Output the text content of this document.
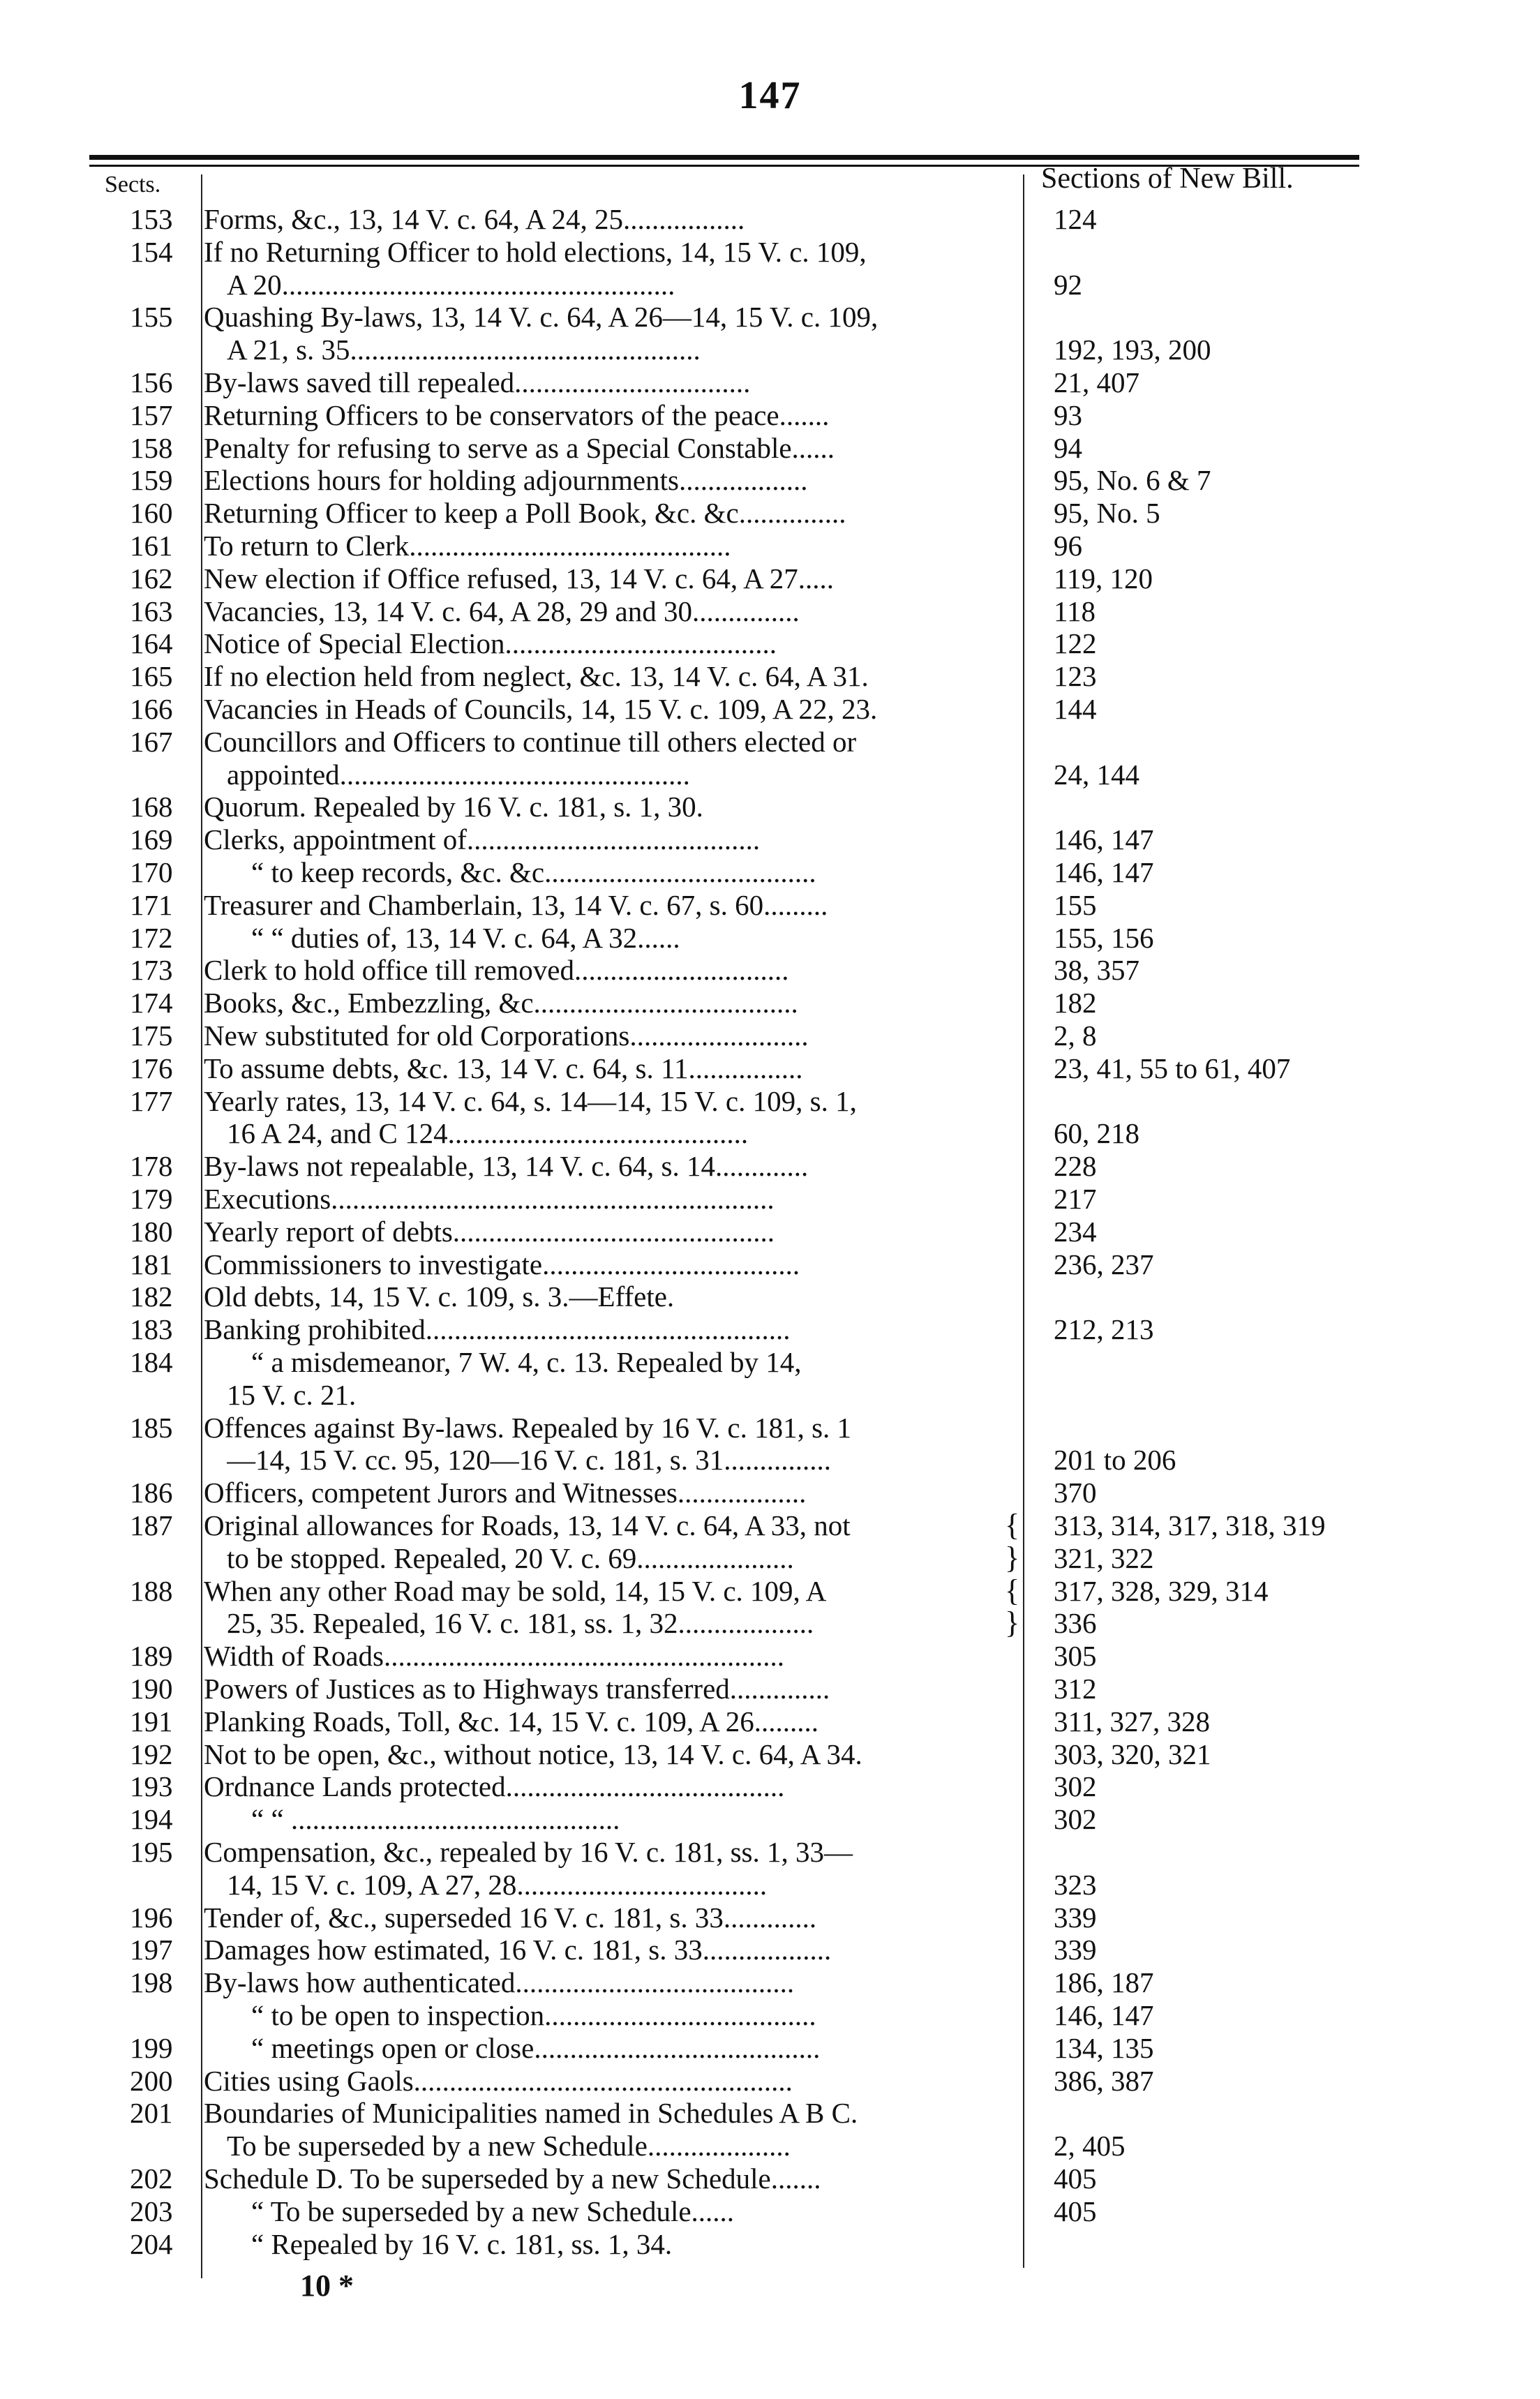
147
Sects.	Sections of New Bill.
153	Forms, &c., 13, 14 V. c. 64, A 24, 25.................	124
154	If no Returning Officer to hold elections, 14, 15 V. c. 109,
A 20.......................................................	92
155	Quashing By-laws, 13, 14 V. c. 64, A 26—14, 15 V. c. 109,
A 21, s. 35.................................................	192, 193, 200
156	By-laws saved till repealed.................................	21, 407
157	Returning Officers to be conservators of the peace.......	93
158	Penalty for refusing to serve as a Special Constable......	94
159	Elections hours for holding adjournments..................	95, No. 6 & 7
160	Returning Officer to keep a Poll Book, &c. &c...............	95, No. 5
161	To return to Clerk.............................................	96
162	New election if Office refused, 13, 14 V. c. 64, A 27.....	119, 120
163	Vacancies, 13, 14 V. c. 64, A 28, 29 and 30...............	118
164	Notice of Special Election......................................	122
165	If no election held from neglect, &c. 13, 14 V. c. 64, A 31.	123
166	Vacancies in Heads of Councils, 14, 15 V. c. 109, A 22, 23.	144
167	Councillors and Officers to continue till others elected or
appointed.................................................	24, 144
168	Quorum. Repealed by 16 V. c. 181, s. 1, 30.
169	Clerks, appointment of.........................................	146, 147
170	“ to keep records, &c. &c......................................	146, 147
171	Treasurer and Chamberlain, 13, 14 V. c. 67, s. 60.........	155
172	“ “ duties of, 13, 14 V. c. 64, A 32......	155, 156
173	Clerk to hold office till removed..............................	38, 357
174	Books, &c., Embezzling, &c.....................................	182
175	New substituted for old Corporations.........................	2, 8
176	To assume debts, &c. 13, 14 V. c. 64, s. 11................	23, 41, 55 to 61, 407
177	Yearly rates, 13, 14 V. c. 64, s. 14—14, 15 V. c. 109, s. 1,
16 A 24, and C 124..........................................	60, 218
178	By-laws not repealable, 13, 14 V. c. 64, s. 14.............	228
179	Executions..............................................................	217
180	Yearly report of debts.............................................	234
181	Commissioners to investigate....................................	236, 237
182	Old debts, 14, 15 V. c. 109, s. 3.—Effete.
183	Banking prohibited...................................................	212, 213
184	“ a misdemeanor, 7 W. 4, c. 13. Repealed by 14,
15 V. c. 21.
185	Offences against By-laws. Repealed by 16 V. c. 181, s. 1
—14, 15 V. cc. 95, 120—16 V. c. 181, s. 31...............	201 to 206
186	Officers, competent Jurors and Witnesses..................	370
187	Original allowances for Roads, 13, 14 V. c. 64, A 33, not	{ 313, 314, 317, 318, 319
to be stopped. Repealed, 20 V. c. 69......................	} 321, 322
188	When any other Road may be sold, 14, 15 V. c. 109, A	{ 317, 328, 329, 314
25, 35. Repealed, 16 V. c. 181, ss. 1, 32...................	} 336
189	Width of Roads........................................................	305
190	Powers of Justices as to Highways transferred..............	312
191	Planking Roads, Toll, &c. 14, 15 V. c. 109, A 26.........	311, 327, 328
192	Not to be open, &c., without notice, 13, 14 V. c. 64, A 34.	303, 320, 321
193	Ordnance Lands protected.......................................	302
194	“ “ ..............................................	302
195	Compensation, &c., repealed by 16 V. c. 181, ss. 1, 33—
14, 15 V. c. 109, A 27, 28...................................	323
196	Tender of, &c., superseded 16 V. c. 181, s. 33.............	339
197	Damages how estimated, 16 V. c. 181, s. 33..................	339
198	By-laws how authenticated.......................................	186, 187
“ to be open to inspection......................................	146, 147
199	“ meetings open or close........................................	134, 135
200	Cities using Gaols.....................................................	386, 387
201	Boundaries of Municipalities named in Schedules A B C.
To be superseded by a new Schedule....................	2, 405
202	Schedule D. To be superseded by a new Schedule.......	405
203	“ To be superseded by a new Schedule......	405
204	“ Repealed by 16 V. c. 181, ss. 1, 34.
10 *
